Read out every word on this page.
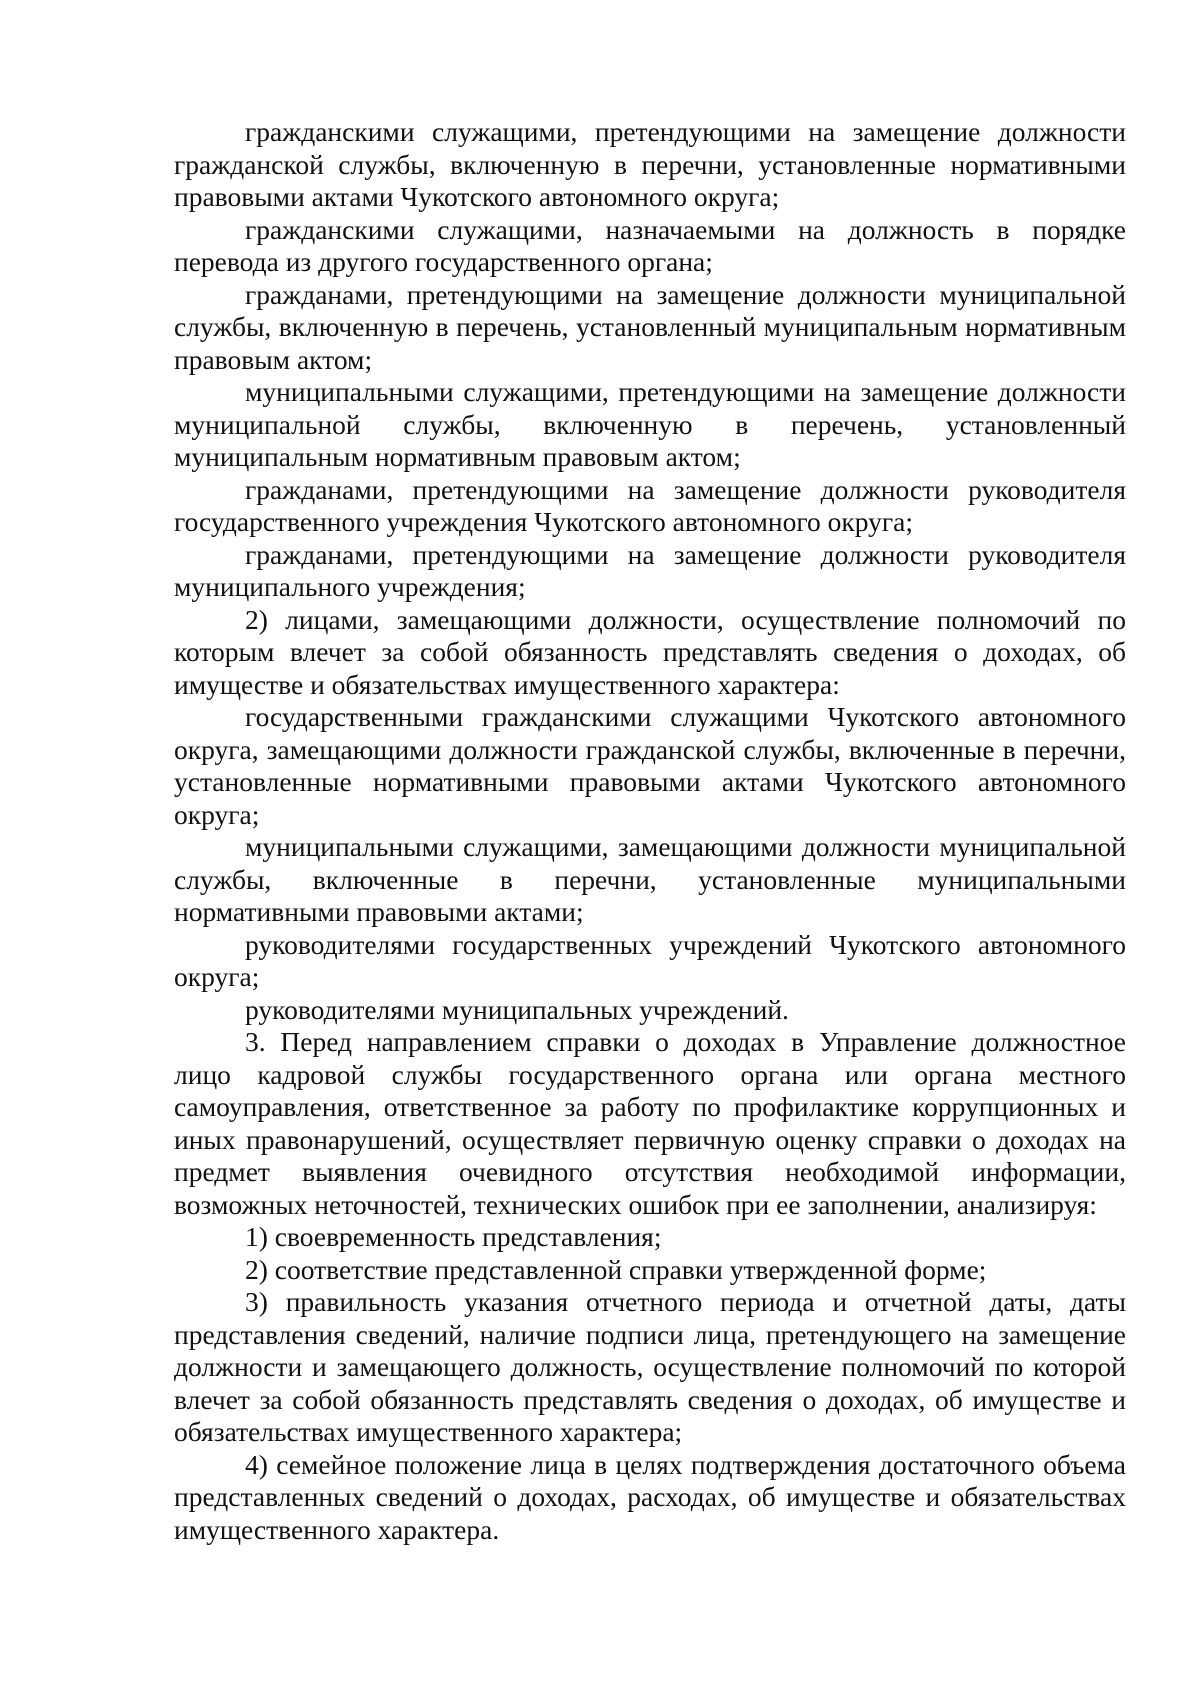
гражданскими служащими, претендующими на замещение должности гражданской службы, включенную в перечни, установленные нормативными правовыми актами Чукотского автономного округа;

гражданскими служащими, назначаемыми на должность в порядке перевода из другого государственного органа;

гражданами, претендующими на замещение должности муниципальной службы, включенную в перечень, установленный муниципальным нормативным правовым актом;

муниципальными служащими, претендующими на замещение должности муниципальной службы, включенную в перечень, установленный муниципальным нормативным правовым актом;

гражданами, претендующими на замещение должности руководителя государственного учреждения Чукотского автономного округа;

гражданами, претендующими на замещение должности руководителя муниципального учреждения;

2) лицами, замещающими должности, осуществление полномочий по которым влечет за собой обязанность представлять сведения о доходах, об имуществе и обязательствах имущественного характера:

государственными гражданскими служащими Чукотского автономного округа, замещающими должности гражданской службы, включенные в перечни, установленные нормативными правовыми актами Чукотского автономного округа;

муниципальными служащими, замещающими должности муниципальной службы, включенные в перечни, установленные муниципальными нормативными правовыми актами;

руководителями государственных учреждений Чукотского автономного округа;

руководителями муниципальных учреждений.

3. Перед направлением справки о доходах в Управление должностное лицо кадровой службы государственного органа или органа местного самоуправления, ответственное за работу по профилактике коррупционных и иных правонарушений, осуществляет первичную оценку справки о доходах на предмет выявления очевидного отсутствия необходимой информации, возможных неточностей, технических ошибок при ее заполнении, анализируя:

1) своевременность представления;

2) соответствие представленной справки утвержденной форме;

3) правильность указания отчетного периода и отчетной даты, даты представления сведений, наличие подписи лица, претендующего на замещение должности и замещающего должность, осуществление полномочий по которой влечет за собой обязанность представлять сведения о доходах, об имуществе и обязательствах имущественного характера;

4) семейное положение лица в целях подтверждения достаточного объема представленных сведений о доходах, расходах, об имуществе и обязательствах имущественного характера.
